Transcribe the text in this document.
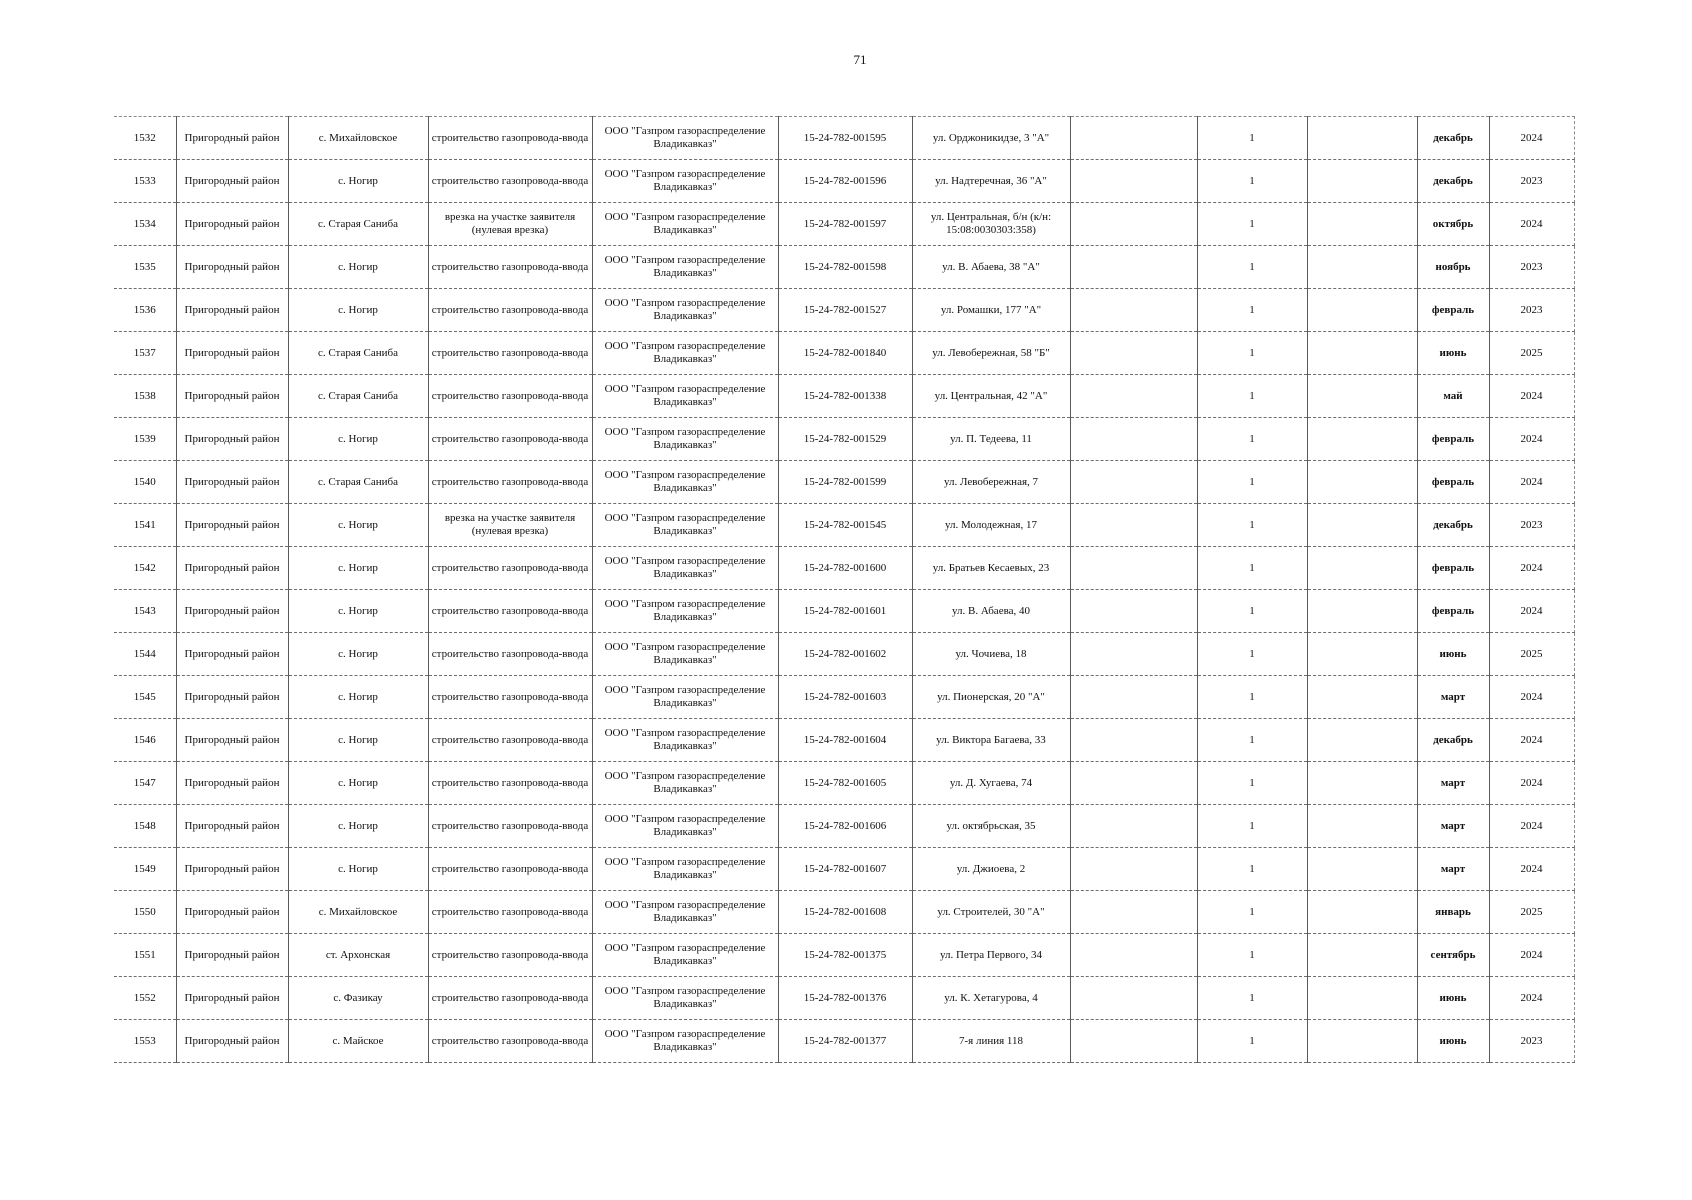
71
1532	Пригородный район	с. Михайловское	строительство газопровода-ввода	ООО "Газпром газораспределение Владикавказ"	15-24-782-001595	ул. Орджоникидзе, 3 "А"		1		декабрь	2024
1533	Пригородный район	с. Ногир	строительство газопровода-ввода	ООО "Газпром газораспределение Владикавказ"	15-24-782-001596	ул. Надтеречная, 36 "А"		1		декабрь	2023
1534	Пригородный район	с. Старая Саниба	врезка на участке заявителя (нулевая врезка)	ООО "Газпром газораспределение Владикавказ"	15-24-782-001597	ул. Центральная, б/н (к/н: 15:08:0030303:358)		1		октябрь	2024
1535	Пригородный район	с. Ногир	строительство газопровода-ввода	ООО "Газпром газораспределение Владикавказ"	15-24-782-001598	ул. В. Абаева, 38 "А"		1		ноябрь	2023
1536	Пригородный район	с. Ногир	строительство газопровода-ввода	ООО "Газпром газораспределение Владикавказ"	15-24-782-001527	ул. Ромашки, 177 "А"		1		февраль	2023
1537	Пригородный район	с. Старая Саниба	строительство газопровода-ввода	ООО "Газпром газораспределение Владикавказ"	15-24-782-001840	ул. Левобережная, 58 "Б"		1		июнь	2025
1538	Пригородный район	с. Старая Саниба	строительство газопровода-ввода	ООО "Газпром газораспределение Владикавказ"	15-24-782-001338	ул. Центральная, 42 "А"		1		май	2024
1539	Пригородный район	с. Ногир	строительство газопровода-ввода	ООО "Газпром газораспределение Владикавказ"	15-24-782-001529	ул. П. Тедеева, 11		1		февраль	2024
1540	Пригородный район	с. Старая Саниба	строительство газопровода-ввода	ООО "Газпром газораспределение Владикавказ"	15-24-782-001599	ул. Левобережная, 7		1		февраль	2024
1541	Пригородный район	с. Ногир	врезка на участке заявителя (нулевая врезка)	ООО "Газпром газораспределение Владикавказ"	15-24-782-001545	ул. Молодежная, 17		1		декабрь	2023
1542	Пригородный район	с. Ногир	строительство газопровода-ввода	ООО "Газпром газораспределение Владикавказ"	15-24-782-001600	ул. Братьев Кесаевых, 23		1		февраль	2024
1543	Пригородный район	с. Ногир	строительство газопровода-ввода	ООО "Газпром газораспределение Владикавказ"	15-24-782-001601	ул. В. Абаева, 40		1		февраль	2024
1544	Пригородный район	с. Ногир	строительство газопровода-ввода	ООО "Газпром газораспределение Владикавказ"	15-24-782-001602	ул. Чочиева, 18		1		июнь	2025
1545	Пригородный район	с. Ногир	строительство газопровода-ввода	ООО "Газпром газораспределение Владикавказ"	15-24-782-001603	ул. Пионерская, 20 "А"		1		март	2024
1546	Пригородный район	с. Ногир	строительство газопровода-ввода	ООО "Газпром газораспределение Владикавказ"	15-24-782-001604	ул. Виктора Багаева, 33		1		декабрь	2024
1547	Пригородный район	с. Ногир	строительство газопровода-ввода	ООО "Газпром газораспределение Владикавказ"	15-24-782-001605	ул. Д. Хугаева, 74		1		март	2024
1548	Пригородный район	с. Ногир	строительство газопровода-ввода	ООО "Газпром газораспределение Владикавказ"	15-24-782-001606	ул. октябрьская, 35		1		март	2024
1549	Пригородный район	с. Ногир	строительство газопровода-ввода	ООО "Газпром газораспределение Владикавказ"	15-24-782-001607	ул. Джиоева, 2		1		март	2024
1550	Пригородный район	с. Михайловское	строительство газопровода-ввода	ООО "Газпром газораспределение Владикавказ"	15-24-782-001608	ул. Строителей, 30 "А"		1		январь	2025
1551	Пригородный район	ст. Архонская	строительство газопровода-ввода	ООО "Газпром газораспределение Владикавказ"	15-24-782-001375	ул. Петра Первого, 34		1		сентябрь	2024
1552	Пригородный район	с. Фазикау	строительство газопровода-ввода	ООО "Газпром газораспределение Владикавказ"	15-24-782-001376	ул. К. Хетагурова, 4		1		июнь	2024
1553	Пригородный район	с. Майское	строительство газопровода-ввода	ООО "Газпром газораспределение Владикавказ"	15-24-782-001377	7-я линия 118		1		июнь	2023
